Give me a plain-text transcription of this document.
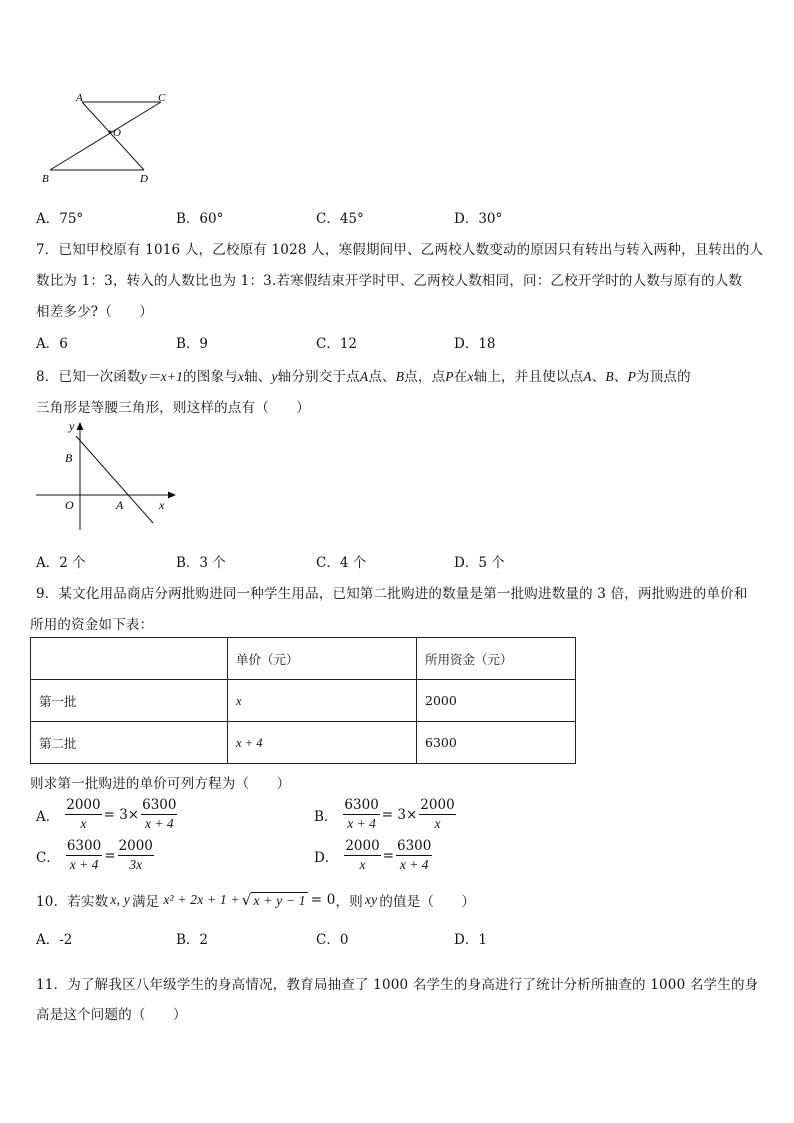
A	C
O
B	D
A．75°	B．60°	C．45°	D．30°
7．已知甲校原有 1016 人，乙校原有 1028 人，寒假期间甲、乙两校人数变动的原因只有转出与转入两种，且转出的人
数比为 1：3，转入的人数比也为 1：3.若寒假结束开学时甲、乙两校人数相同，问：乙校开学时的人数与原有的人数
相差多少?（　　）
A．6	B．9	C．12	D．18
8．已知一次函数y＝x+1的图象与x轴、y轴分别交于点A点、B点，点P在x轴上，并且使以点A、B、P为顶点的
三角形是等腰三角形，则这样的点有（　　）
y
B
O	A	x
A．2 个	B．3 个	C．4 个	D．5 个
9．某文化用品商店分两批购进同一种学生用品，已知第二批购进的数量是第一批购进数量的 3 倍，两批购进的单价和
所用的资金如下表：
	单价（元）	所用资金（元）
第一批	x	2000
第二批	x + 4	6300
则求第一批购进的单价可列方程为（　　）
A． $\frac{2000}{x} = 3\times \frac{6300}{x + 4}$	B． $\frac{6300}{x + 4} = 3\times \frac{2000}{x}$
C． $\frac{6300}{x + 4} = \frac{2000}{3x}$	D． $\frac{2000}{x} = \frac{6300}{x + 4}$
10．若实数 x, y 满足 x² + 2x + 1 + √ x + y − 1 = 0 ，则 xy 的值是（　　）
A．-2	B．2	C．0	D．1
11．为了解我区八年级学生的身高情况，教育局抽查了 1000 名学生的身高进行了统计分析所抽查的 1000 名学生的身
高是这个问题的（　　）
